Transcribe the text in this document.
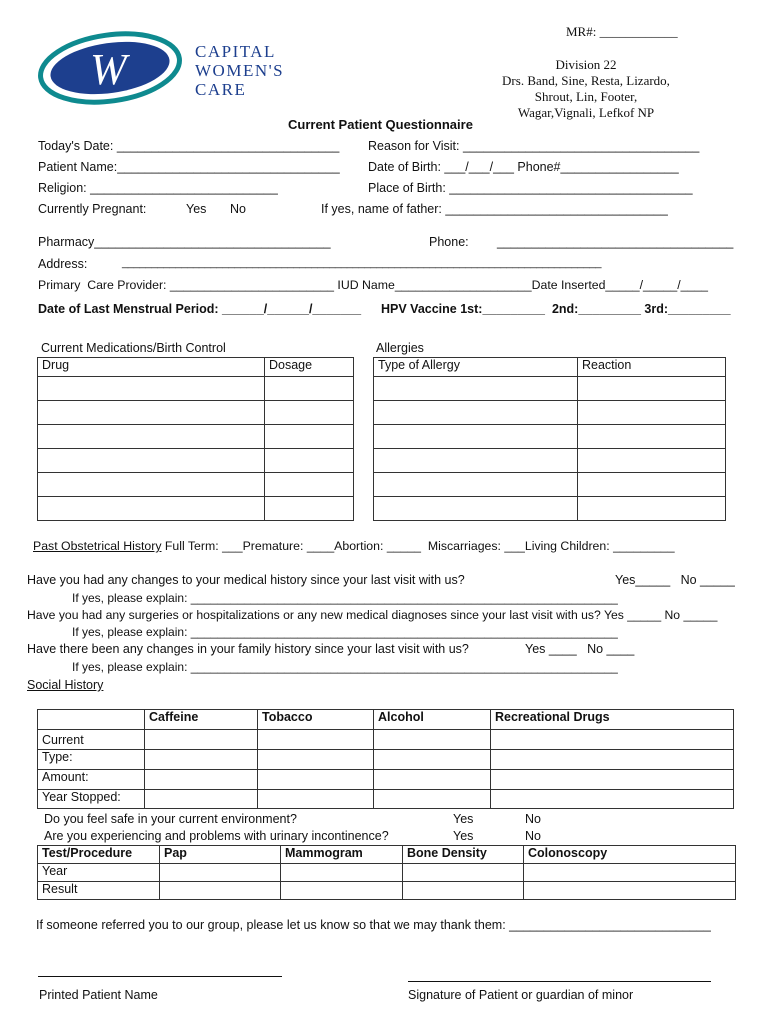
MR#: ____________
W	CAPITAL
WOMEN'S
CARE
Division 22
Drs. Band, Sine, Resta, Lizardo,
Shrout, Lin, Footer,
Wagar,Vignali, Lefkof NP
Current Patient Questionnaire
Today's Date: ________________________________ Reason for Visit: __________________________________
Patient Name:________________________________ Date of Birth: ___/___/___ Phone#_________________
Religion: ___________________________	Place of Birth: ___________________________________
Currently Pregnant:	Yes No	If yes, name of father: ________________________________
Pharmacy__________________________________	Phone: __________________________________
Address:	_________________________________________________________________________________
Primary  Care Provider: ________________________ IUD Name____________________Date Inserted_____/_____/____
Date of Last Menstrual Period: ______/______/_______ HPV Vaccine 1st:_________  2nd:_________ 3rd:_________
Current Medications/Birth Control
Drug	Dosage

Allergies
Type of Allergy	Reaction

Past Obstetrical History Full Term: ___Premature: ____Abortion: _____  Miscarriages: ___Living Children: _________
Have you had any changes to your medical history since your last visit with us?	Yes_____   No _____
If yes, please explain: ________________________________________________________________
Have you had any surgeries or hospitalizations or any new medical diagnoses since your last visit with us? Yes _____ No _____
If yes, please explain: ________________________________________________________________
Have there been any changes in your family history since your last visit with us?	Yes ____   No ____
If yes, please explain: ________________________________________________________________
Social History
	Caffeine	Tobacco	Alcohol	Recreational Drugs
Current				
Type:				
Amount:				
Year Stopped:				
Do you feel safe in your current environment?	Yes	No
Are you experiencing and problems with urinary incontinence?	Yes	No
Test/Procedure	Pap	Mammogram	Bone Density	Colonoscopy
Year				
Result				
If someone referred you to our group, please let us know so that we may thank them: _____________________________
Printed Patient Name	Signature of Patient or guardian of minor
